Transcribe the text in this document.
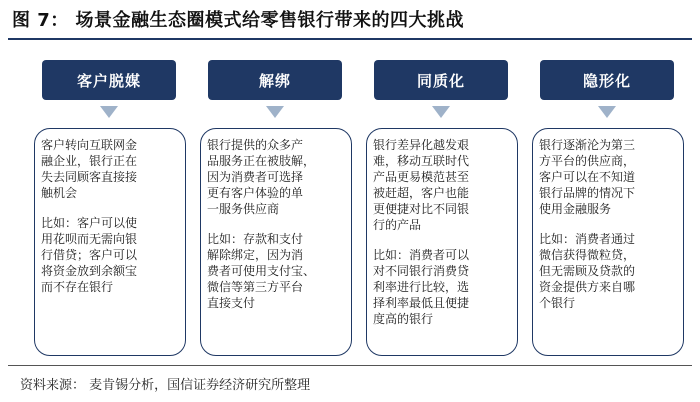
图 7： 场景金融生态圈模式给零售银行带来的四大挑战
客户脱媒

客户转向互联网金
融企业，银行正在
失去同顾客直接接
触机会

比如：客户可以使
用花呗而无需向银
行借贷；客户可以
将资金放到余额宝
而不存在银行

解绑

银行提供的众多产
品服务正在被肢解，
因为消费者可选择
更有客户体验的单
一服务供应商

比如：存款和支付
解除绑定，因为消
费者可使用支付宝、
微信等第三方平台
直接支付

同质化

银行差异化越发艰
难，移动互联时代
产品更易模范甚至
被赶超，客户也能
更便捷对比不同银
行的产品

比如：消费者可以
对不同银行消费贷
利率进行比较，选
择利率最低且便捷
度高的银行

隐形化

银行逐渐沦为第三
方平台的供应商，
客户可以在不知道
银行品牌的情况下
使用金融服务

比如：消费者通过
微信获得微粒贷，
但无需顾及贷款的
资金提供方来自哪
个银行

资料来源： 麦肯锡分析，国信证券经济研究所整理
